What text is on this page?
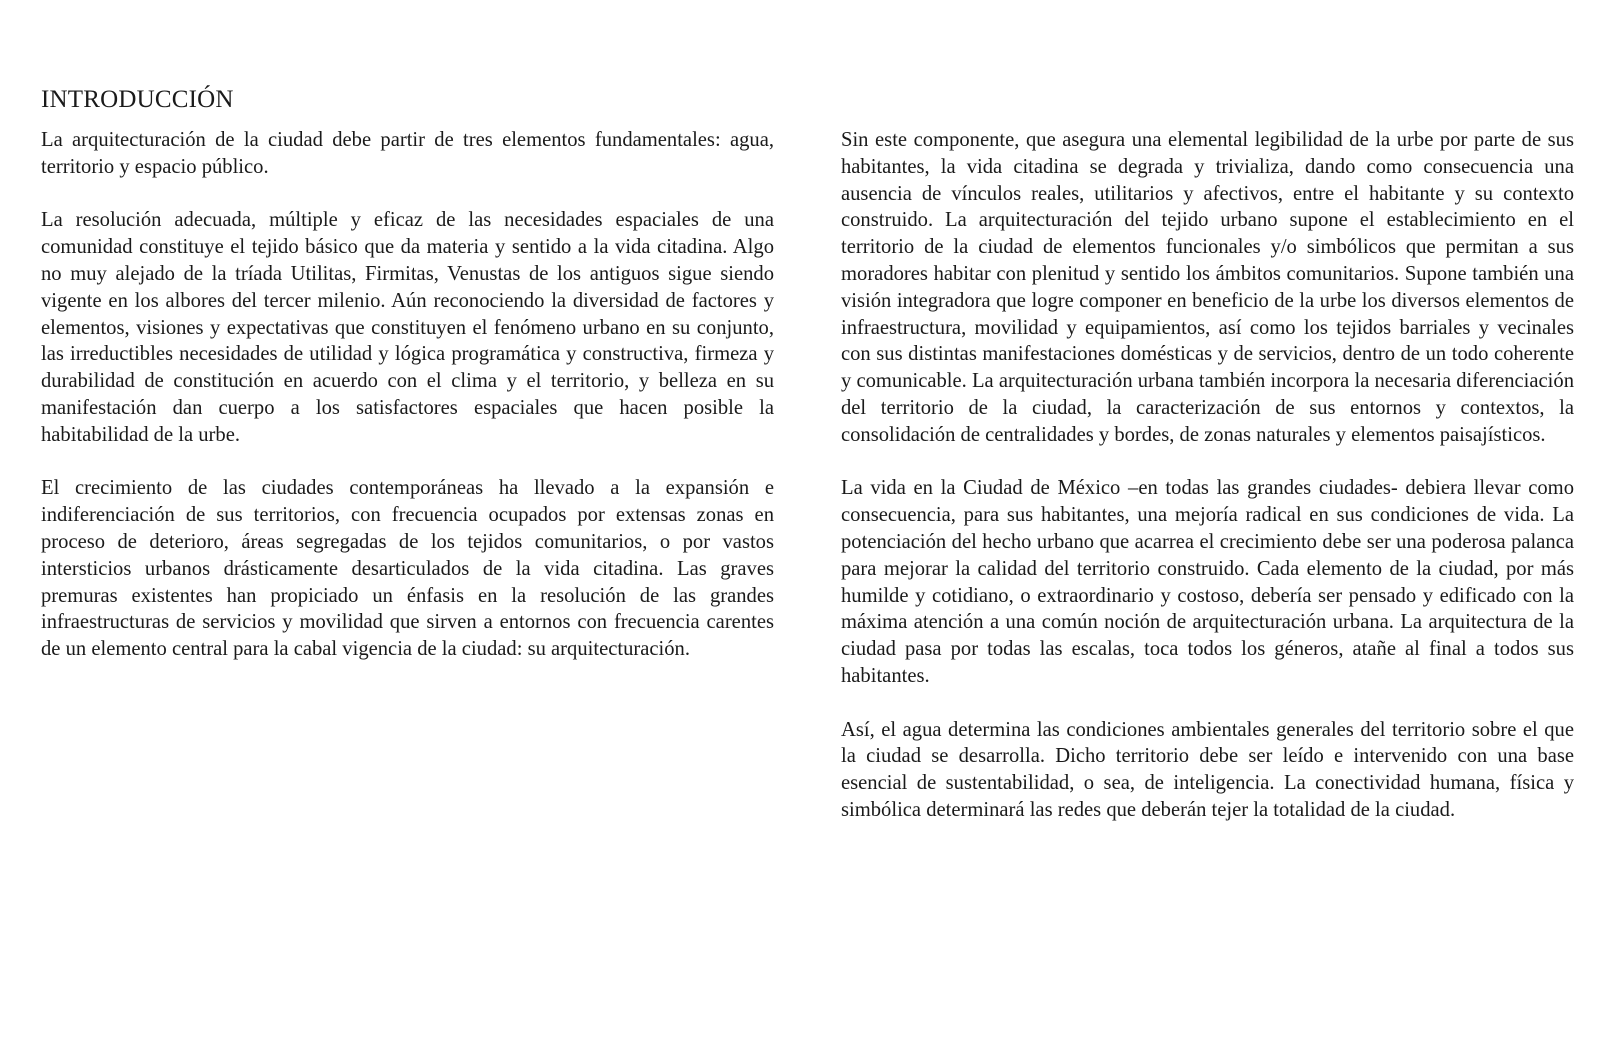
INTRODUCCIÓN

La arquitecturación de la ciudad debe partir de tres elementos fundamentales: agua, territorio y espacio público.

La resolución adecuada, múltiple y eficaz de las necesidades espaciales de una comunidad constituye el tejido básico que da materia y sentido a la vida citadina. Algo no muy alejado de la tríada Utilitas, Firmitas, Venustas de los antiguos sigue siendo vigente en los albores del tercer milenio. Aún reconociendo la diversidad de factores y elementos, visiones y expectativas que constituyen el fenómeno urbano en su conjunto, las irreductibles necesidades de utilidad y lógica programática y constructiva, firmeza y durabilidad de constitución en acuerdo con el clima y el territorio, y belleza en su manifestación dan cuerpo a los satisfactores espaciales que hacen posible la habitabilidad de la urbe.

El crecimiento de las ciudades contemporáneas ha llevado a la expansión e indiferenciación de sus territorios, con frecuencia ocupados por extensas zonas en proceso de deterioro, áreas segregadas de los tejidos comunitarios, o por vastos intersticios urbanos drásticamente desarticulados de la vida citadina. Las graves premuras existentes han propiciado un énfasis en la resolución de las grandes infraestructuras de servicios y movilidad que sirven a entornos con frecuencia carentes de un elemento central para la cabal vigencia de la ciudad: su arquitecturación.

Sin este componente, que asegura una elemental legibilidad de la urbe por parte de sus habitantes, la vida citadina se degrada y trivializa, dando como consecuencia una ausencia de vínculos reales, utilitarios y afectivos, entre el habitante y su contexto construido. La arquitecturación del tejido urbano supone el establecimiento en el territorio de la ciudad de elementos funcionales y/o simbólicos que permitan a sus moradores habitar con plenitud y sentido los ámbitos comunitarios. Supone también una visión integradora que logre componer en beneficio de la urbe los diversos elementos de infraestructura, movilidad y equipamientos, así como los tejidos barriales y vecinales con sus distintas manifestaciones domésticas y de servicios, dentro de un todo coherente y comunicable. La arquitecturación urbana también incorpora la necesaria diferenciación del territorio de la ciudad, la caracterización de sus entornos y contextos, la consolidación de centralidades y bordes, de zonas naturales y elementos paisajísticos.

La vida en la Ciudad de México –en todas las grandes ciudades- debiera llevar como consecuencia, para sus habitantes, una mejoría radical en sus condiciones de vida. La potenciación del hecho urbano que acarrea el crecimiento debe ser una poderosa palanca para mejorar la calidad del territorio construido. Cada elemento de la ciudad, por más humilde y cotidiano, o extraordinario y costoso, debería ser pensado y edificado con la máxima atención a una común noción de arquitecturación urbana. La arquitectura de la ciudad pasa por todas las escalas, toca todos los géneros, atañe al final a todos sus habitantes.

Así, el agua determina las condiciones ambientales generales del territorio sobre el que la ciudad se desarrolla. Dicho territorio debe ser leído e intervenido con una base esencial de sustentabilidad, o sea, de inteligencia. La conectividad humana, física y simbólica determinará las redes que deberán tejer la totalidad de la ciudad.
